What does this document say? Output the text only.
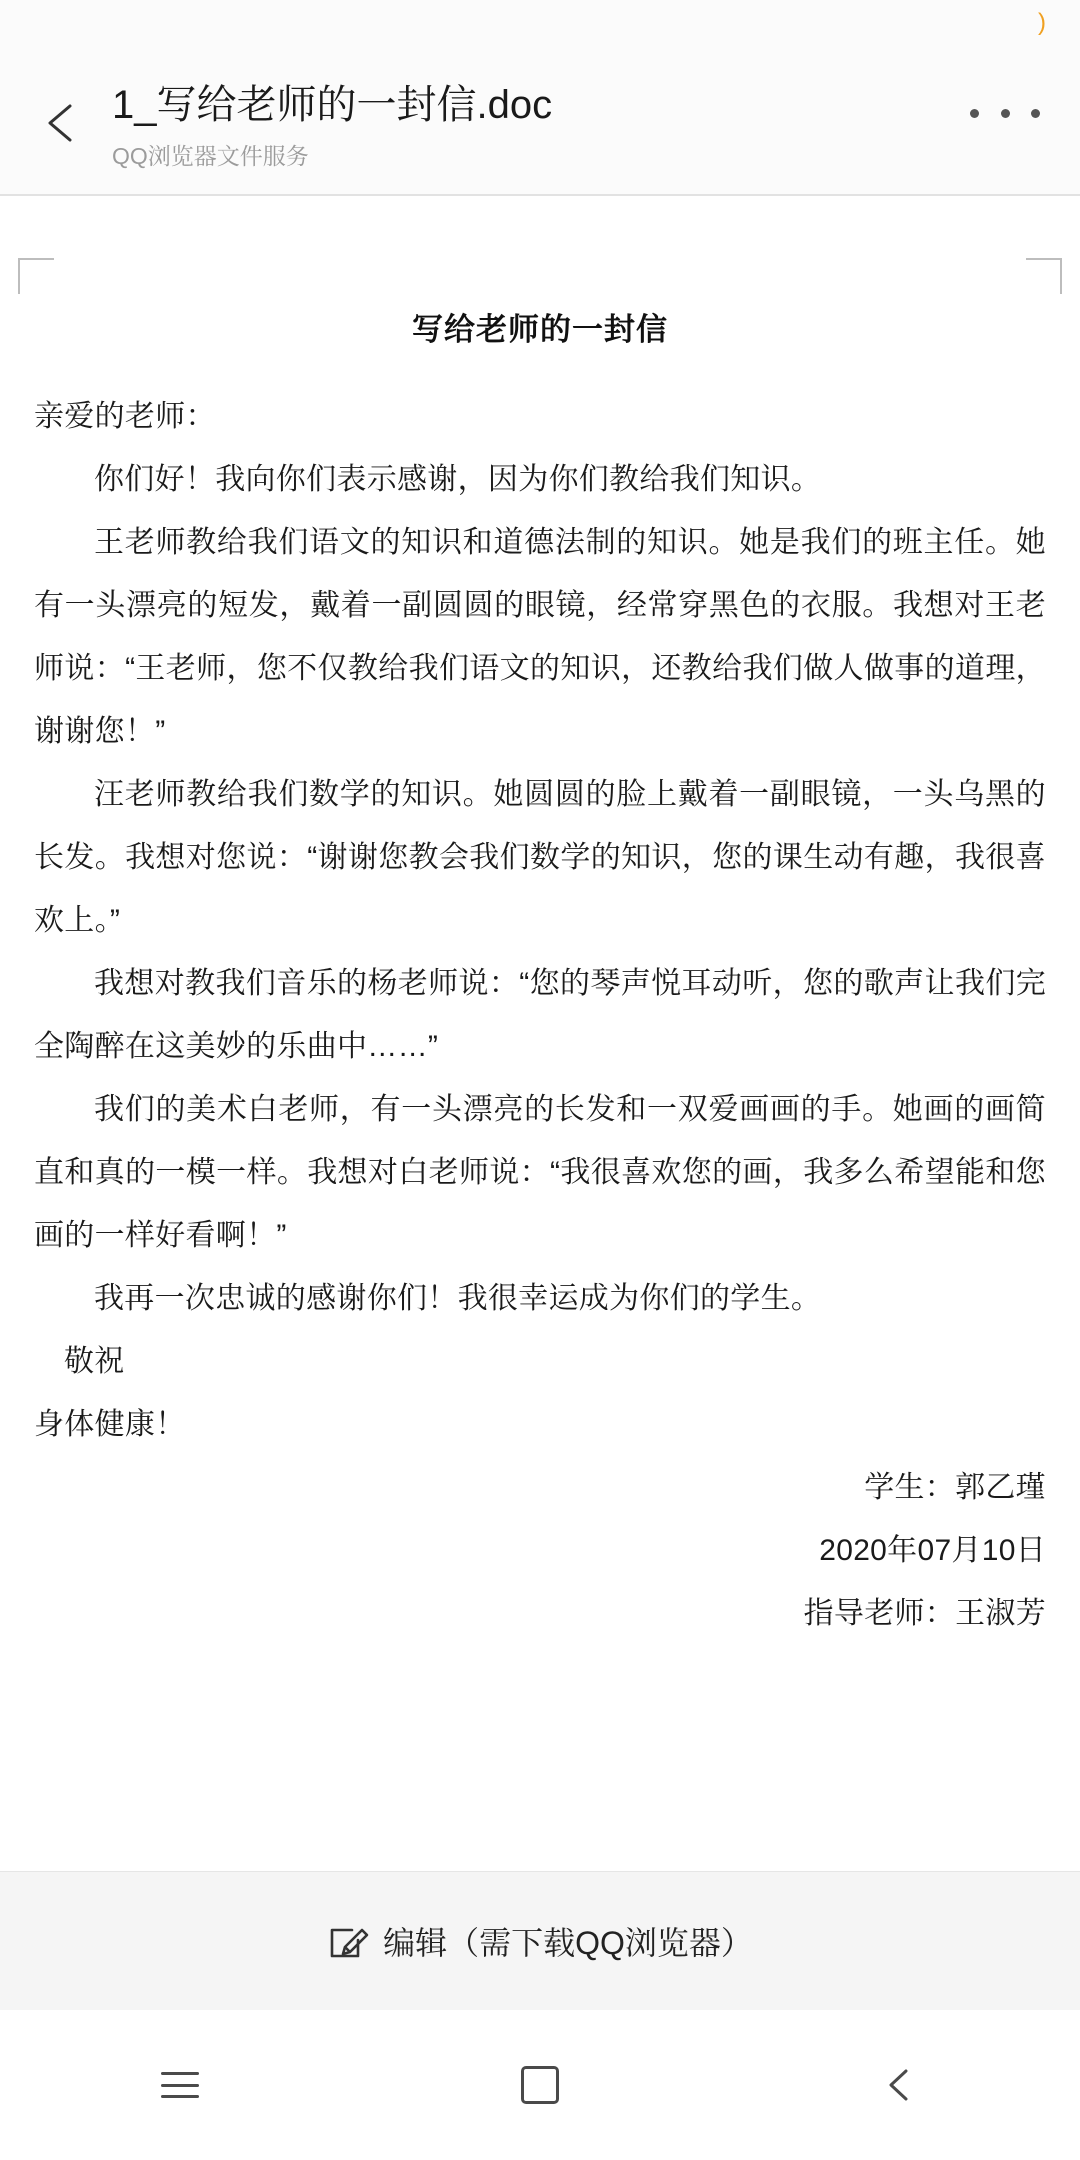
)
1_写给老师的一封信.doc
QQ浏览器文件服务
写给老师的一封信

亲爱的老师：

你们好！我向你们表示感谢，因为你们教给我们知识。

王老师教给我们语文的知识和道德法制的知识。她是我们的班主任。她有一头漂亮的短发，戴着一副圆圆的眼镜，经常穿黑色的衣服。我想对王老师说：“王老师，您不仅教给我们语文的知识，还教给我们做人做事的道理，谢谢您！”

汪老师教给我们数学的知识。她圆圆的脸上戴着一副眼镜，一头乌黑的长发。我想对您说：“谢谢您教会我们数学的知识，您的课生动有趣，我很喜欢上。”

我想对教我们音乐的杨老师说：“您的琴声悦耳动听，您的歌声让我们完全陶醉在这美妙的乐曲中……”

我们的美术白老师，有一头漂亮的长发和一双爱画画的手。她画的画简直和真的一模一样。我想对白老师说：“我很喜欢您的画，我多么希望能和您画的一样好看啊！”

我再一次忠诚的感谢你们！我很幸运成为你们的学生。

敬祝

身体健康！

学生：郭乙瑾

2020年07月10日

指导老师：王淑芳

编辑（需下载QQ浏览器）
